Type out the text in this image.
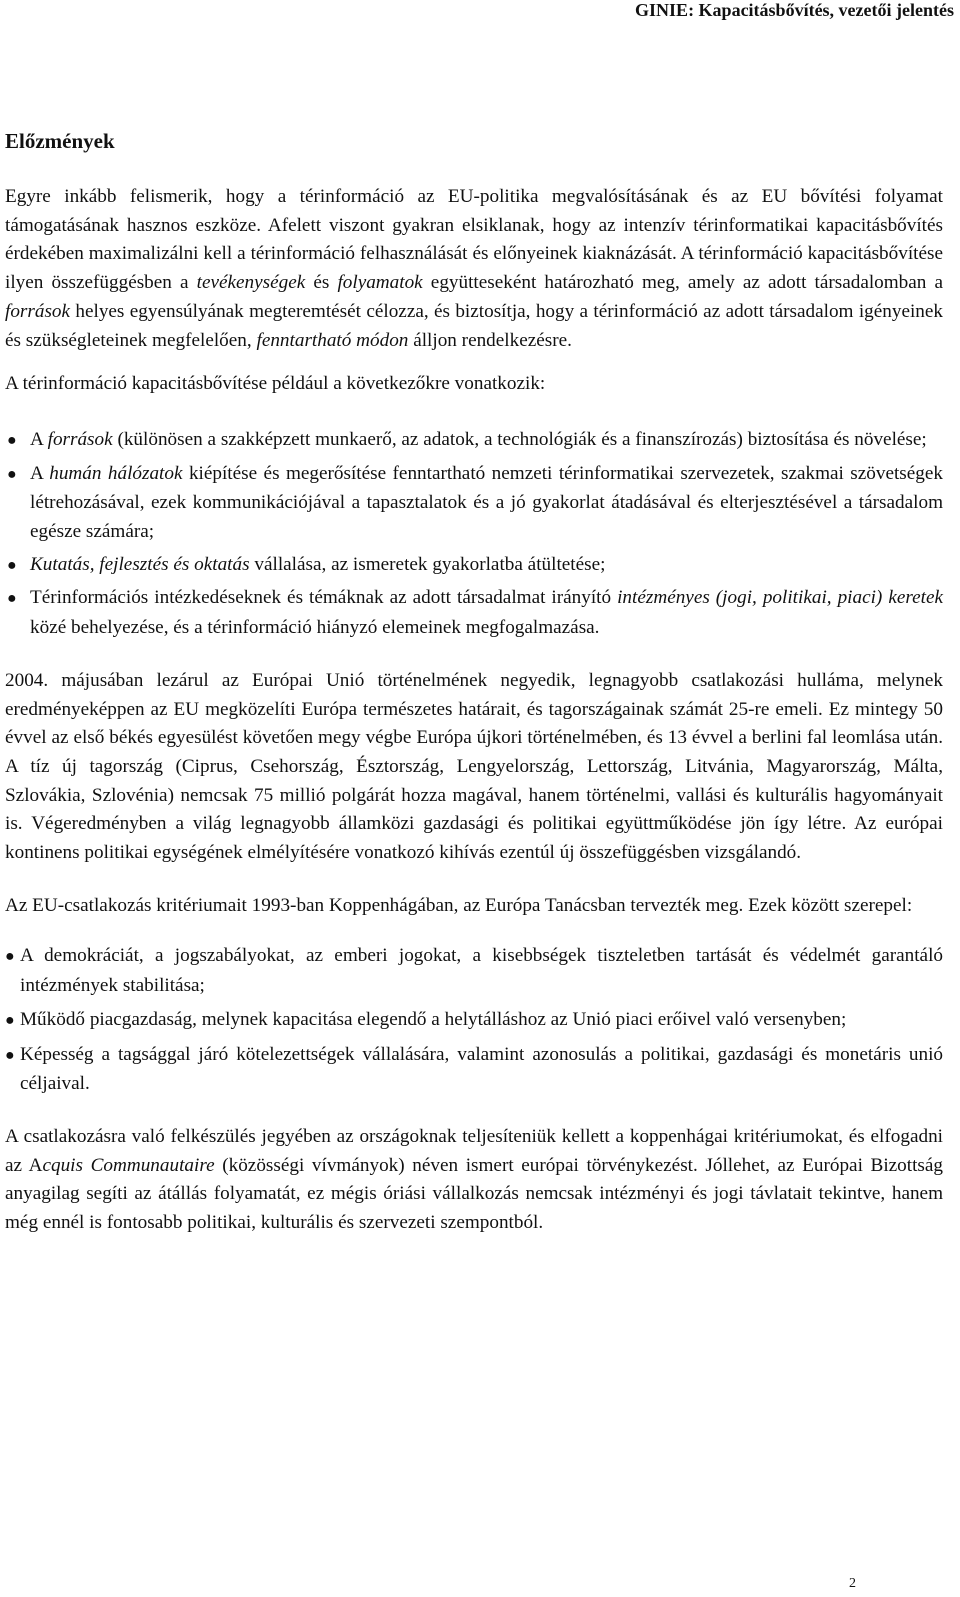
GINIE: Kapacitásbővítés, vezetői jelentés
Előzmények

Egyre inkább felismerik, hogy a térinformáció az EU-politika megvalósításának és az EU bővítési folyamat támogatásának hasznos eszköze. Afelett viszont gyakran elsiklanak, hogy az intenzív térinformatikai kapacitásbővítés érdekében maximalizálni kell a térinformáció felhasználását és előnyeinek kiaknázását. A térinformáció kapacitásbővítése ilyen összefüggésben a tevékenységek és folyamatok együtteseként határozható meg, amely az adott társadalomban a források helyes egyensúlyának megteremtését célozza, és biztosítja, hogy a térinformáció az adott társadalom igényeinek és szükségleteinek megfelelően, fenntartható módon álljon rendelkezésre.

A térinformáció kapacitásbővítése például a következőkre vonatkozik:

● A források (különösen a szakképzett munkaerő, az adatok, a technológiák és a finanszírozás) biztosítása és növelése;
● A humán hálózatok kiépítése és megerősítése fenntartható nemzeti térinformatikai szervezetek, szakmai szövetségek létrehozásával, ezek kommunikációjával a tapasztalatok és a jó gyakorlat átadásával és elterjesztésével a társadalom egésze számára;
● Kutatás, fejlesztés és oktatás vállalása, az ismeretek gyakorlatba átültetése;
● Térinformációs intézkedéseknek és témáknak az adott társadalmat irányító intézményes (jogi, politikai, piaci) keretek közé behelyezése, és a térinformáció hiányzó elemeinek megfogalmazása.

2004. májusában lezárul az Európai Unió történelmének negyedik, legnagyobb csatlakozási hulláma, melynek eredményeképpen az EU megközelíti Európa természetes határait, és tagországainak számát 25-re emeli. Ez mintegy 50 évvel az első békés egyesülést követően megy végbe Európa újkori történelmében, és 13 évvel a berlini fal leomlása után. A tíz új tagország (Ciprus, Csehország, Észtország, Lengyelország, Lettország, Litvánia, Magyarország, Málta, Szlovákia, Szlovénia) nemcsak 75 millió polgárát hozza magával, hanem történelmi, vallási és kulturális hagyományait is. Végeredményben a világ legnagyobb államközi gazdasági és politikai együttműködése jön így létre. Az európai kontinens politikai egységének elmélyítésére vonatkozó kihívás ezentúl új összefüggésben vizsgálandó.

Az EU-csatlakozás kritériumait 1993-ban Koppenhágában, az Európa Tanácsban tervezték meg. Ezek között szerepel:

● A demokráciát, a jogszabályokat, az emberi jogokat, a kisebbségek tiszteletben tartását és védelmét garantáló intézmények stabilitása;
● Működő piacgazdaság, melynek kapacitása elegendő a helytálláshoz az Unió piaci erőivel való versenyben;
● Képesség a tagsággal járó kötelezettségek vállalására, valamint azonosulás a politikai, gazdasági és monetáris unió céljaival.

A csatlakozásra való felkészülés jegyében az országoknak teljesíteniük kellett a koppenhágai kritériumokat, és elfogadni az Acquis Communautaire (közösségi vívmányok) néven ismert európai törvénykezést. Jóllehet, az Európai Bizottság anyagilag segíti az átállás folyamatát, ez mégis óriási vállalkozás nemcsak intézményi és jogi távlatait tekintve, hanem még ennél is fontosabb politikai, kulturális és szervezeti szempontból.

2
